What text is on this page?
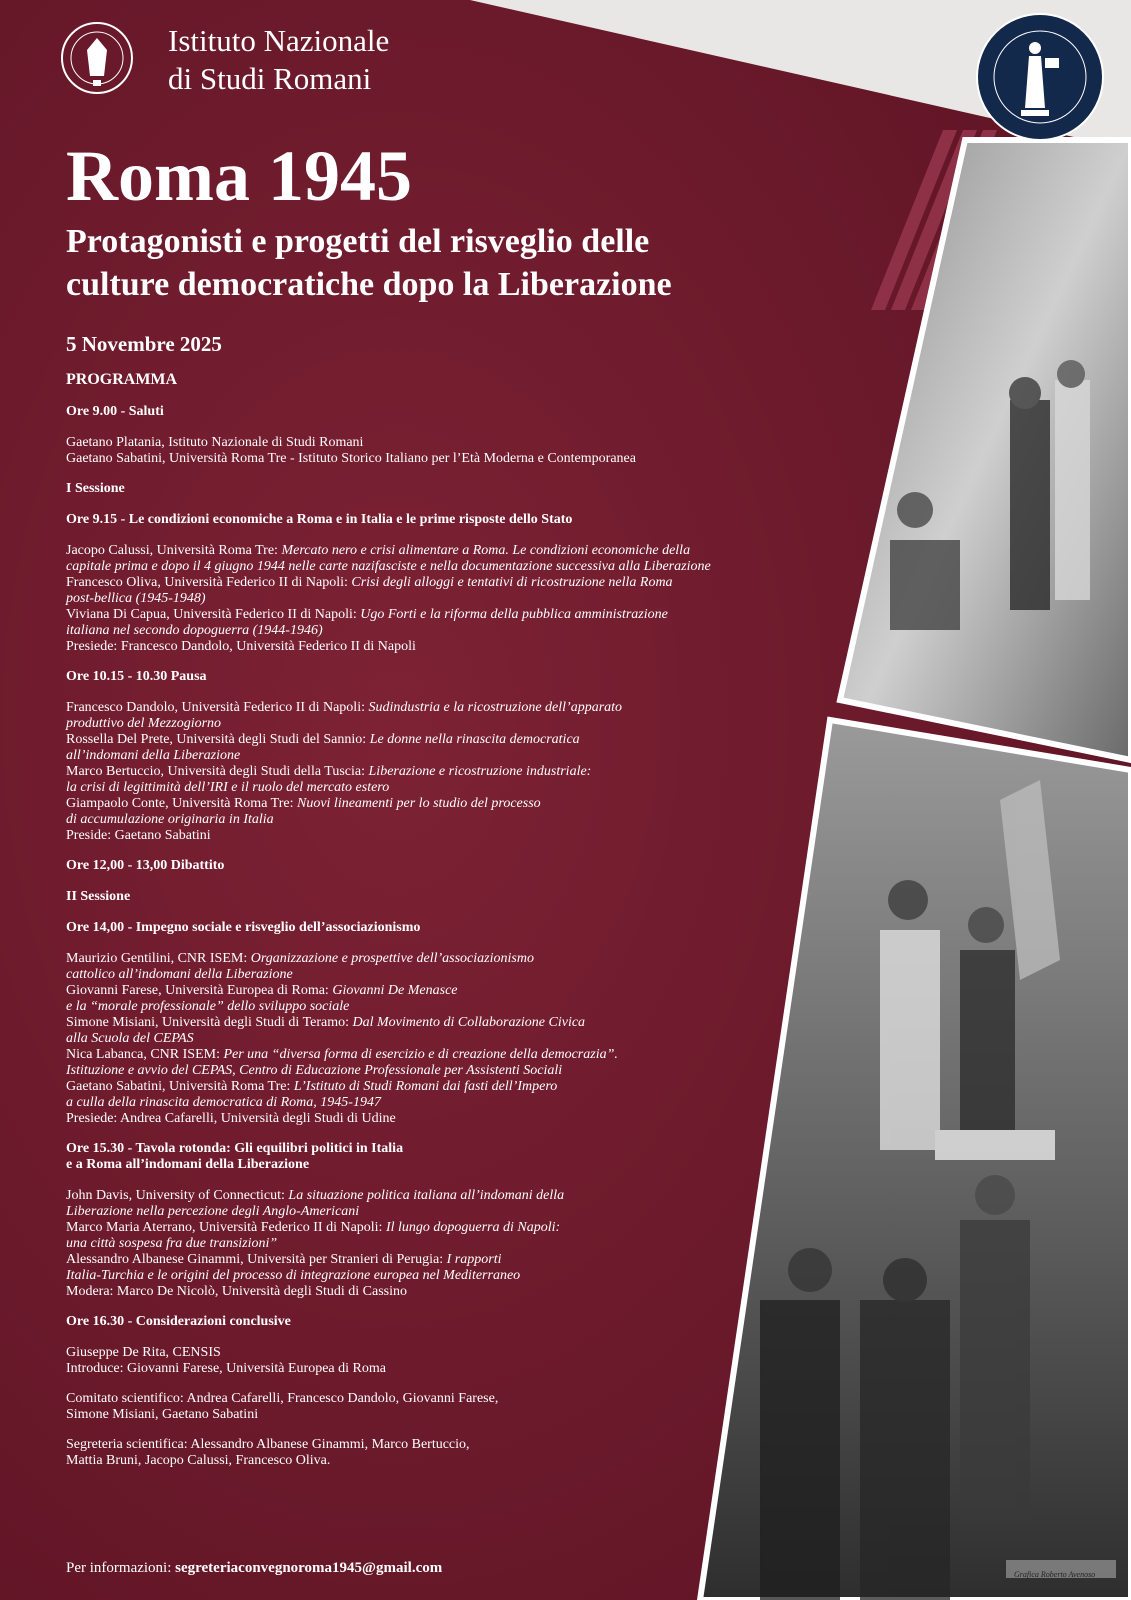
Istituto Nazionale
di Studi Romani
Roma 1945
Protagonisti e progetti del risveglio delle
culture democratiche dopo la Liberazione
5 Novembre 2025
PROGRAMMA
Ore 9.00 - Saluti
Gaetano Platania, Istituto Nazionale di Studi Romani
Gaetano Sabatini, Università Roma Tre - Istituto Storico Italiano per l’Età Moderna e Contemporanea
I Sessione
Ore 9.15 - Le condizioni economiche a Roma e in Italia e le prime risposte dello Stato
Jacopo Calussi, Università Roma Tre: Mercato nero e crisi alimentare a Roma. Le condizioni economiche della
capitale prima e dopo il 4 giugno 1944 nelle carte nazifasciste e nella documentazione successiva alla Liberazione
Francesco Oliva, Università Federico II di Napoli: Crisi degli alloggi e tentativi di ricostruzione nella Roma
post-bellica (1945-1948)
Viviana Di Capua, Università Federico II di Napoli: Ugo Forti e la riforma della pubblica amministrazione
italiana nel secondo dopoguerra (1944-1946)
Presiede: Francesco Dandolo, Università Federico II di Napoli
Ore 10.15 - 10.30 Pausa
Francesco Dandolo, Università Federico II di Napoli: Sudindustria e la ricostruzione dell’apparato
produttivo del Mezzogiorno
Rossella Del Prete, Università degli Studi del Sannio: Le donne nella rinascita democratica
all’indomani della Liberazione
Marco Bertuccio, Università degli Studi della Tuscia: Liberazione e ricostruzione industriale:
la crisi di legittimità dell’IRI e il ruolo del mercato estero
Giampaolo Conte, Università Roma Tre: Nuovi lineamenti per lo studio del processo
di accumulazione originaria in Italia
Preside: Gaetano Sabatini
Ore 12,00 - 13,00 Dibattito
II Sessione
Ore 14,00 - Impegno sociale e risveglio dell’associazionismo
Maurizio Gentilini, CNR ISEM: Organizzazione e prospettive dell’associazionismo
cattolico all’indomani della Liberazione
Giovanni Farese, Università Europea di Roma: Giovanni De Menasce
e la “morale professionale” dello sviluppo sociale
Simone Misiani, Università degli Studi di Teramo: Dal Movimento di Collaborazione Civica
alla Scuola del CEPAS
Nica Labanca, CNR ISEM: Per una “diversa forma di esercizio e di creazione della democrazia”.
Istituzione e avvio del CEPAS, Centro di Educazione Professionale per Assistenti Sociali
Gaetano Sabatini, Università Roma Tre: L’Istituto di Studi Romani dai fasti dell’Impero
a culla della rinascita democratica di Roma, 1945-1947
Presiede: Andrea Cafarelli, Università degli Studi di Udine
Ore 15.30 - Tavola rotonda: Gli equilibri politici in Italia
e a Roma all’indomani della Liberazione
John Davis, University of Connecticut: La situazione politica italiana all’indomani della
Liberazione nella percezione degli Anglo-Americani
Marco Maria Aterrano, Università Federico II di Napoli: Il lungo dopoguerra di Napoli:
una città sospesa fra due transizioni”
Alessandro Albanese Ginammi, Università per Stranieri di Perugia: I rapporti
Italia-Turchia e le origini del processo di integrazione europea nel Mediterraneo
Modera: Marco De Nicolò, Università degli Studi di Cassino
Ore 16.30 - Considerazioni conclusive
Giuseppe De Rita, CENSIS
Introduce: Giovanni Farese, Università Europea di Roma
Comitato scientifico: Andrea Cafarelli, Francesco Dandolo, Giovanni Farese,
Simone Misiani, Gaetano Sabatini
Segreteria scientifica: Alessandro Albanese Ginammi, Marco Bertuccio,
Mattia Bruni, Jacopo Calussi, Francesco Oliva.
Per informazioni: segreteriaconvegnoroma1945@gmail.com	Grafica Roberto Avenoso
